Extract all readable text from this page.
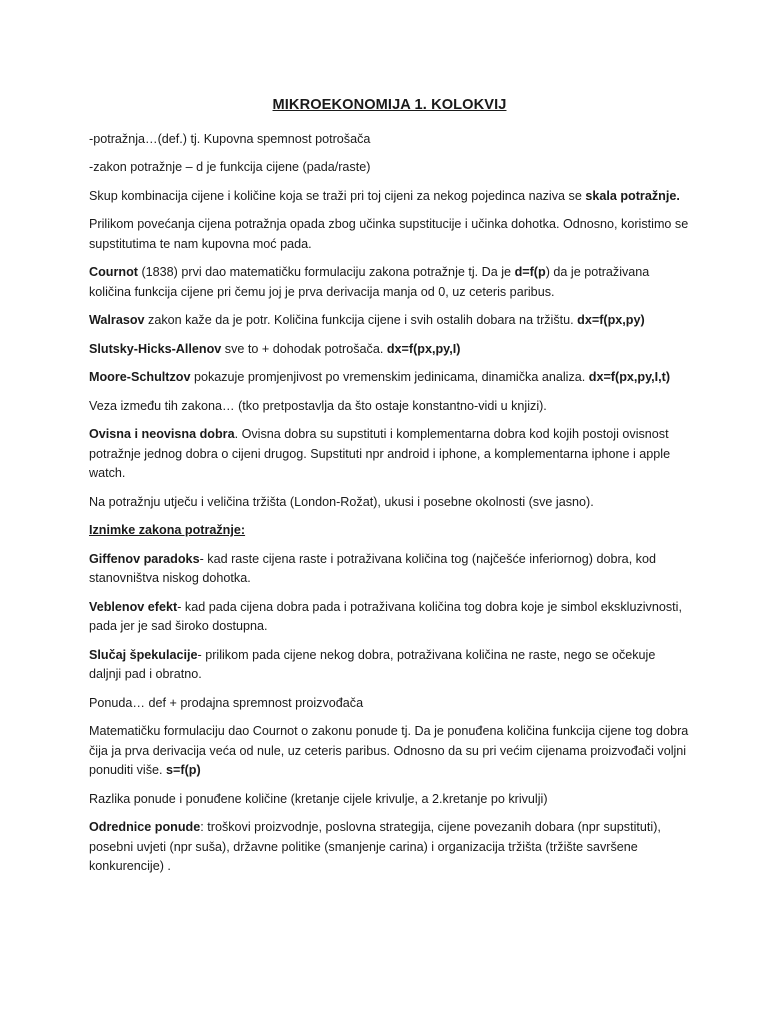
MIKROEKONOMIJA 1. KOLOKVIJ

-potražnja…(def.) tj. Kupovna spemnost potrošača

-zakon potražnje – d je funkcija cijene (pada/raste)

Skup kombinacija cijene i količine koja se traži pri toj cijeni za nekog pojedinca naziva se skala potražnje.

Prilikom povećanja cijena potražnja opada zbog učinka supstitucije i učinka dohotka. Odnosno, koristimo se supstitutima te nam kupovna moć pada.

Cournot (1838) prvi dao matematičku formulaciju zakona potražnje tj. Da je d=f(p) da je potraživana količina funkcija cijene pri čemu joj je prva derivacija manja od 0, uz ceteris paribus.

Walrasov zakon kaže da je potr. Količina funkcija cijene i svih ostalih dobara na tržištu. dx=f(px,py)

Slutsky-Hicks-Allenov sve to + dohodak potrošača. dx=f(px,py,I)

Moore-Schultzov pokazuje promjenjivost po vremenskim jedinicama, dinamička analiza. dx=f(px,py,I,t)

Veza između tih zakona… (tko pretpostavlja da što ostaje konstantno-vidi u knjizi).

Ovisna i neovisna dobra. Ovisna dobra su supstituti i komplementarna dobra kod kojih postoji ovisnost potražnje jednog dobra o cijeni drugog. Supstituti npr android i iphone, a komplementarna iphone i apple watch.

Na potražnju utječu i veličina tržišta (London-Rožat), ukusi i posebne okolnosti (sve jasno).

Iznimke zakona potražnje:

Giffenov paradoks- kad raste cijena raste i potraživana količina tog (najčešće inferiornog) dobra, kod stanovništva niskog dohotka.

Veblenov efekt- kad pada cijena dobra pada i potraživana količina tog dobra koje je simbol ekskluzivnosti, pada jer je sad široko dostupna.

Slučaj špekulacije- prilikom pada cijene nekog dobra, potraživana količina ne raste, nego se očekuje daljnji pad i obratno.

Ponuda… def + prodajna spremnost proizvođača

Matematičku formulaciju dao Cournot o zakonu ponude tj. Da je ponuđena količina funkcija cijene tog dobra čija ja prva derivacija veća od nule, uz ceteris paribus. Odnosno da su pri većim cijenama proizvođači voljni ponuditi više. s=f(p)

Razlika ponude i ponuđene količine (kretanje cijele krivulje, a 2.kretanje po krivulji)

Odrednice ponude: troškovi proizvodnje, poslovna strategija, cijene povezanih dobara (npr supstituti), posebni uvjeti (npr suša), državne politike (smanjenje carina) i organizacija tržišta (tržište savršene konkurencije) .
